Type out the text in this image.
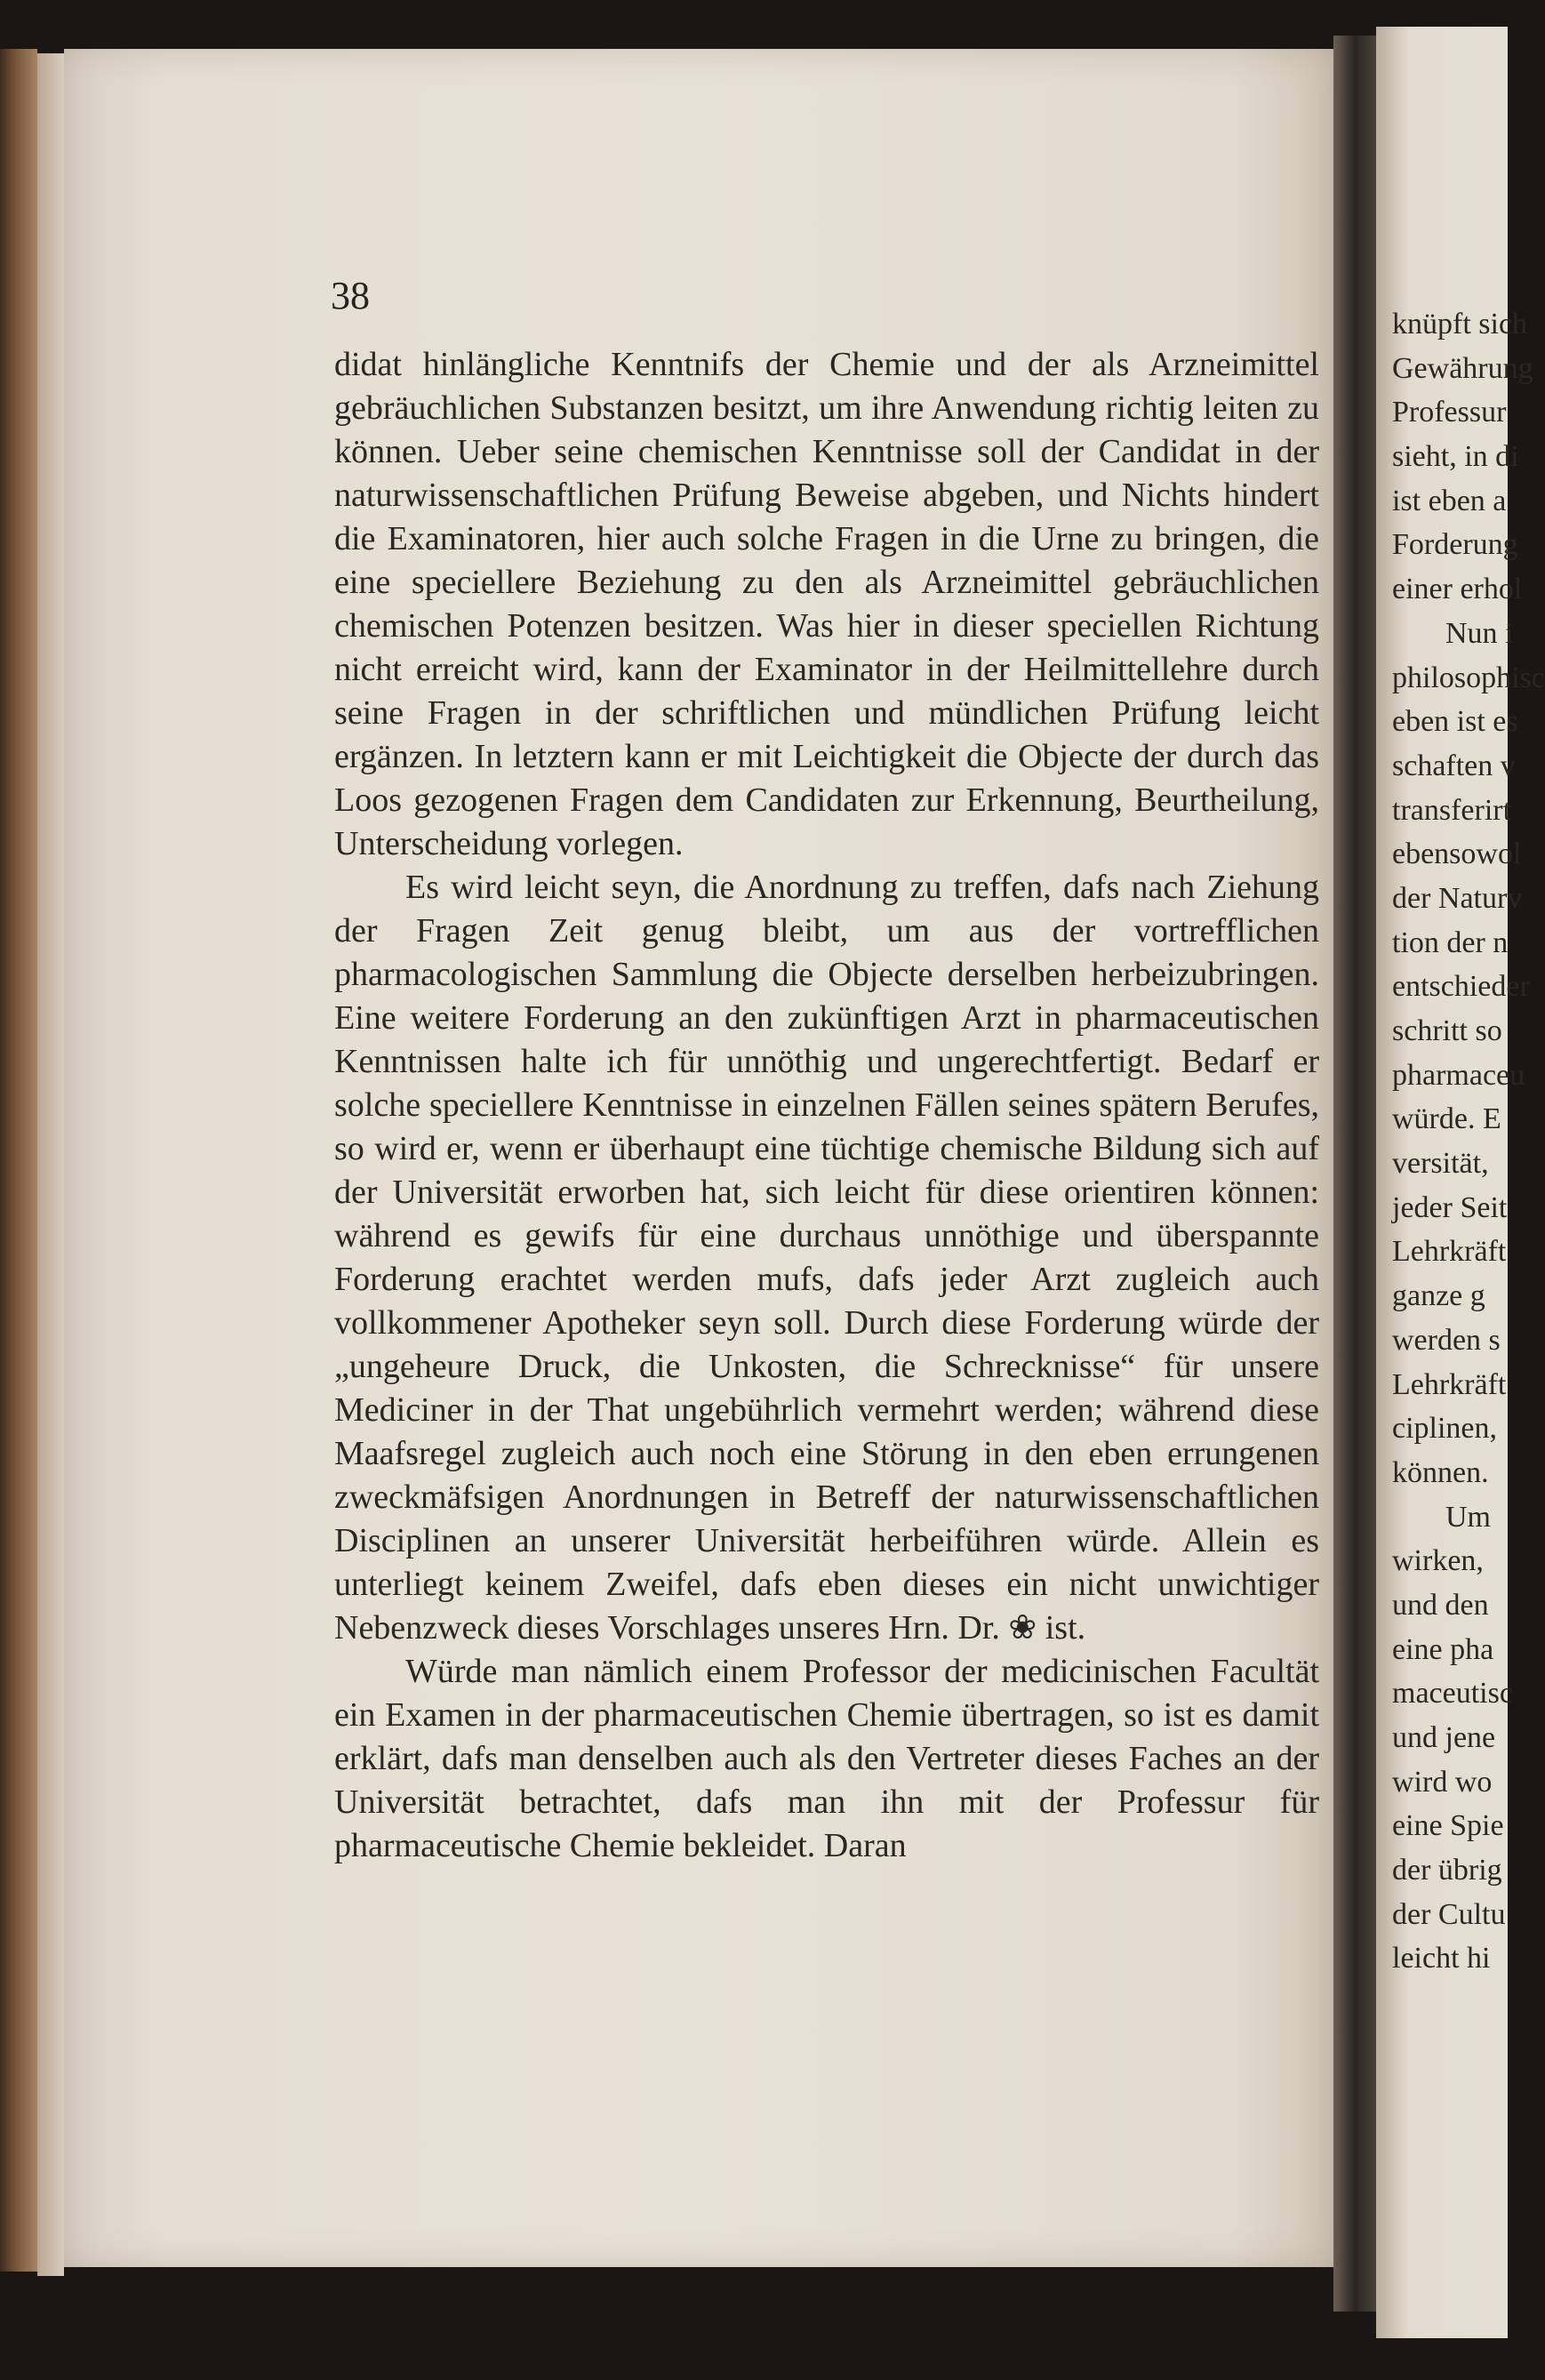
38

didat hinlängliche Kenntnifs der Chemie und der als Arzneimittel gebräuchlichen Substanzen besitzt, um ihre Anwendung richtig leiten zu können. Ueber seine chemischen Kenntnisse soll der Candidat in der naturwissenschaftlichen Prüfung Beweise abgeben, und Nichts hindert die Examinatoren, hier auch solche Fragen in die Urne zu bringen, die eine speciellere Beziehung zu den als Arzneimittel gebräuchlichen chemischen Potenzen besitzen. Was hier in dieser speciellen Richtung nicht erreicht wird, kann der Examinator in der Heilmittellehre durch seine Fragen in der schriftlichen und mündlichen Prüfung leicht ergänzen. In letztern kann er mit Leichtigkeit die Objecte der durch das Loos gezogenen Fragen dem Candidaten zur Erkennung, Beurtheilung, Unterscheidung vorlegen.

Es wird leicht seyn, die Anordnung zu treffen, dafs nach Ziehung der Fragen Zeit genug bleibt, um aus der vortrefflichen pharmacologischen Sammlung die Objecte derselben herbeizubringen. Eine weitere Forderung an den zukünftigen Arzt in pharmaceutischen Kenntnissen halte ich für unnöthig und ungerechtfertigt. Bedarf er solche speciellere Kenntnisse in einzelnen Fällen seines spätern Berufes, so wird er, wenn er überhaupt eine tüchtige chemische Bildung sich auf der Universität erworben hat, sich leicht für diese orientiren können: während es gewifs für eine durchaus unnöthige und überspannte Forderung erachtet werden mufs, dafs jeder Arzt zugleich auch vollkommener Apotheker seyn soll. Durch diese Forderung würde der „ungeheure Druck, die Unkosten, die Schrecknisse“ für unsere Mediciner in der That ungebührlich vermehrt werden; während diese Maafsregel zugleich auch noch eine Störung in den eben errungenen zweckmäfsigen Anordnungen in Betreff der naturwissenschaftlichen Disciplinen an unserer Universität herbeiführen würde. Allein es unterliegt keinem Zweifel, dafs eben dieses ein nicht unwichtiger Nebenzweck dieses Vorschlages unseres Hrn. Dr. ❀ ist.

Würde man nämlich einem Professor der medicinischen Facultät ein Examen in der pharmaceutischen Chemie übertragen, so ist es damit erklärt, dafs man denselben auch als den Vertreter dieses Faches an der Universität betrachtet, dafs man ihn mit der Professur für pharmaceutische Chemie bekleidet. Daran

knüpft sich
Gewährung
Professur
sieht, in di
ist eben a
Forderung
einer erhol
Nun i
philosophisc
eben ist es
schaften v
transferirt
ebensowol
der Naturv
tion der n
entschieder
schritt so
pharmaceu
würde. E
versität,
jeder Seit
Lehrkräft
ganze g
werden s
Lehrkräft
ciplinen,
können.
Um
wirken,
und den
eine pha
maceutisc
und jene
wird wo
eine Spie
der übrig
der Cultu
leicht hi
